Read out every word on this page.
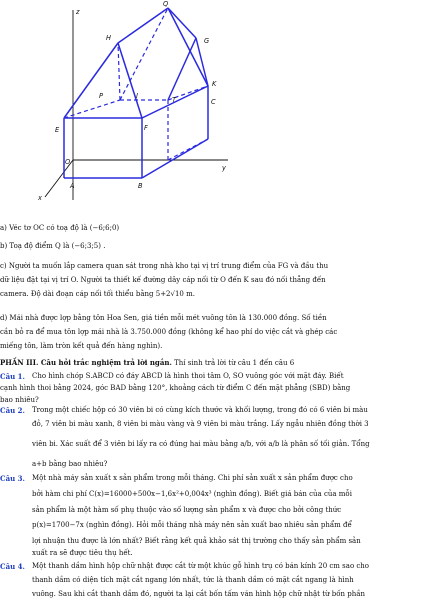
Q
H	G
K
P	I	T	C
E	F
O
A	B
x
y
z
a) Véc tơ OC có toạ độ là (−6;6;0)
b) Toạ độ điểm Q là (−6;3;5) .
c) Người ta muốn lắp camera quan sát trong nhà kho tại vị trí trung điểm của FG và đầu thu
dữ liệu đặt tại vị trí O. Người ta thiết kế đường dây cáp nối từ O đến K sau đó nối thẳng đến
camera. Độ dài đoạn cáp nối tối thiểu bằng 5+2√10 m.
d) Mái nhà được lợp bằng tôn Hoa Sen, giá tiền mỗi mét vuông tôn là 130.000 đồng. Số tiền
cần bỏ ra để mua tôn lợp mái nhà là 3.750.000 đồng (không kể hao phí do việc cắt và ghép các
miếng tôn, làm tròn kết quả đến hàng nghìn).
PHẦN III. Câu hỏi trắc nghiệm trả lời ngắn. Thí sinh trả lời từ câu 1 đến câu 6
Câu 1. Cho hình chóp S.ABCD có đáy ABCD là hình thoi tâm O, SO vuông góc với mặt đáy. Biết
cạnh hình thoi bằng 2024, góc BAD bằng 120°, khoảng cách từ điểm C đến mặt phẳng (SBD) bằng
bao nhiêu?
Câu 2. Trong một chiếc hộp có 30 viên bi có cùng kích thước và khối lượng, trong đó có 6 viên bi màu
đỏ, 7 viên bi màu xanh, 8 viên bi màu vàng và 9 viên bi màu trắng. Lấy ngẫu nhiên đồng thời 3
viên bi. Xác suất để 3 viên bi lấy ra có đúng hai màu bằng a/b, với a/b là phân số tối giản. Tổng
a+b bằng bao nhiêu?
Câu 3. Một nhà máy sản xuất x sản phẩm trong mỗi tháng. Chi phí sản xuất x sản phẩm được cho
bởi hàm chi phí C(x)=16000+500x−1,6x²+0,004x³ (nghìn đồng). Biết giá bán của của mỗi
sản phẩm là một hàm số phụ thuộc vào số lượng sản phẩm x và được cho bởi công thức
p(x)=1700−7x (nghìn đồng). Hỏi mỗi tháng nhà máy nên sản xuất bao nhiêu sản phẩm để
lợi nhuận thu được là lớn nhất? Biết rằng kết quả khảo sát thị trường cho thấy sản phẩm sản
xuất ra sẽ được tiêu thụ hết.
Câu 4. Một thanh dầm hình hộp chữ nhật được cắt từ một khúc gỗ hình trụ có bán kính 20 cm sao cho
thanh dầm có diện tích mặt cắt ngang lớn nhất, tức là thanh dầm có mặt cắt ngang là hình
vuông. Sau khi cắt thanh dầm đó, người ta lại cắt bốn tấm ván hình hộp chữ nhật từ bốn phần
